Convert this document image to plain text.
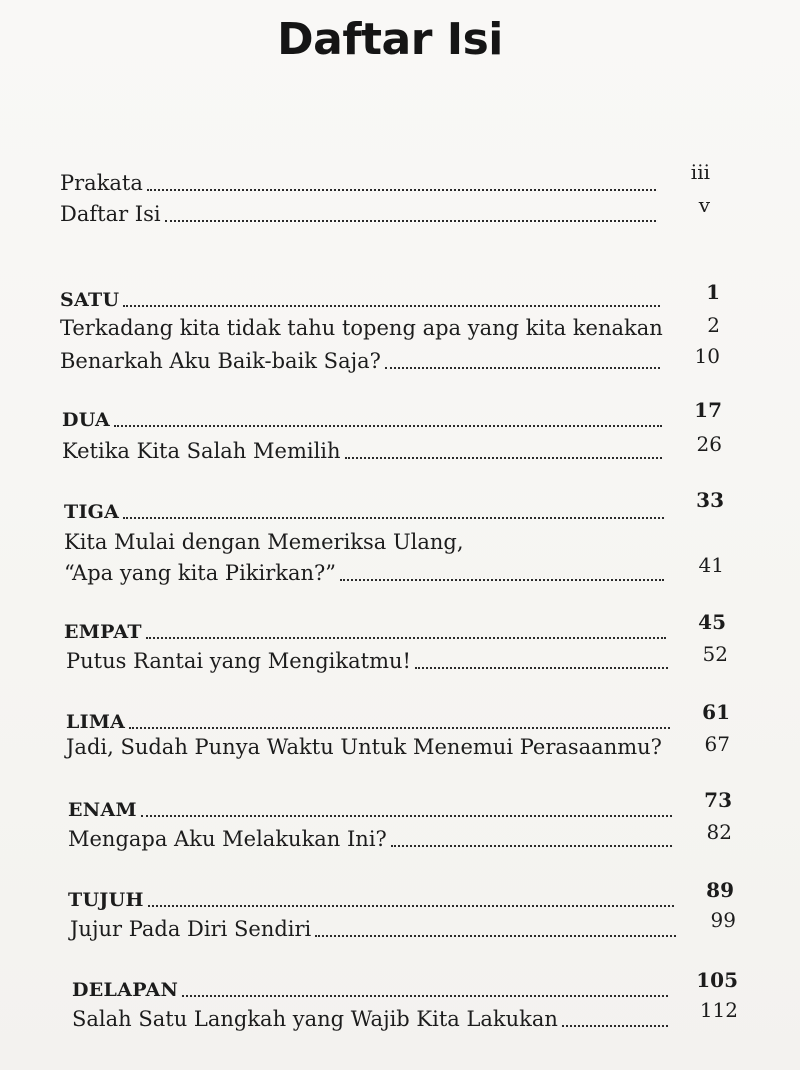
Daftar Isi
Prakata	iii
Daftar Isi	v
SATU	1
Terkadang kita tidak tahu topeng apa yang kita kenakan	2
Benarkah Aku Baik-baik Saja?	10
DUA	17
Ketika Kita Salah Memilih	26
TIGA	33
Kita Mulai dengan Memeriksa Ulang,
“Apa yang kita Pikirkan?”	41
EMPAT	45
Putus Rantai yang Mengikatmu!	52
LIMA	61
Jadi, Sudah Punya Waktu Untuk Menemui Perasaanmu?	67
ENAM	73
Mengapa Aku Melakukan Ini?	82
TUJUH	89
Jujur Pada Diri Sendiri	99
DELAPAN	105
Salah Satu Langkah yang Wajib Kita Lakukan	112
